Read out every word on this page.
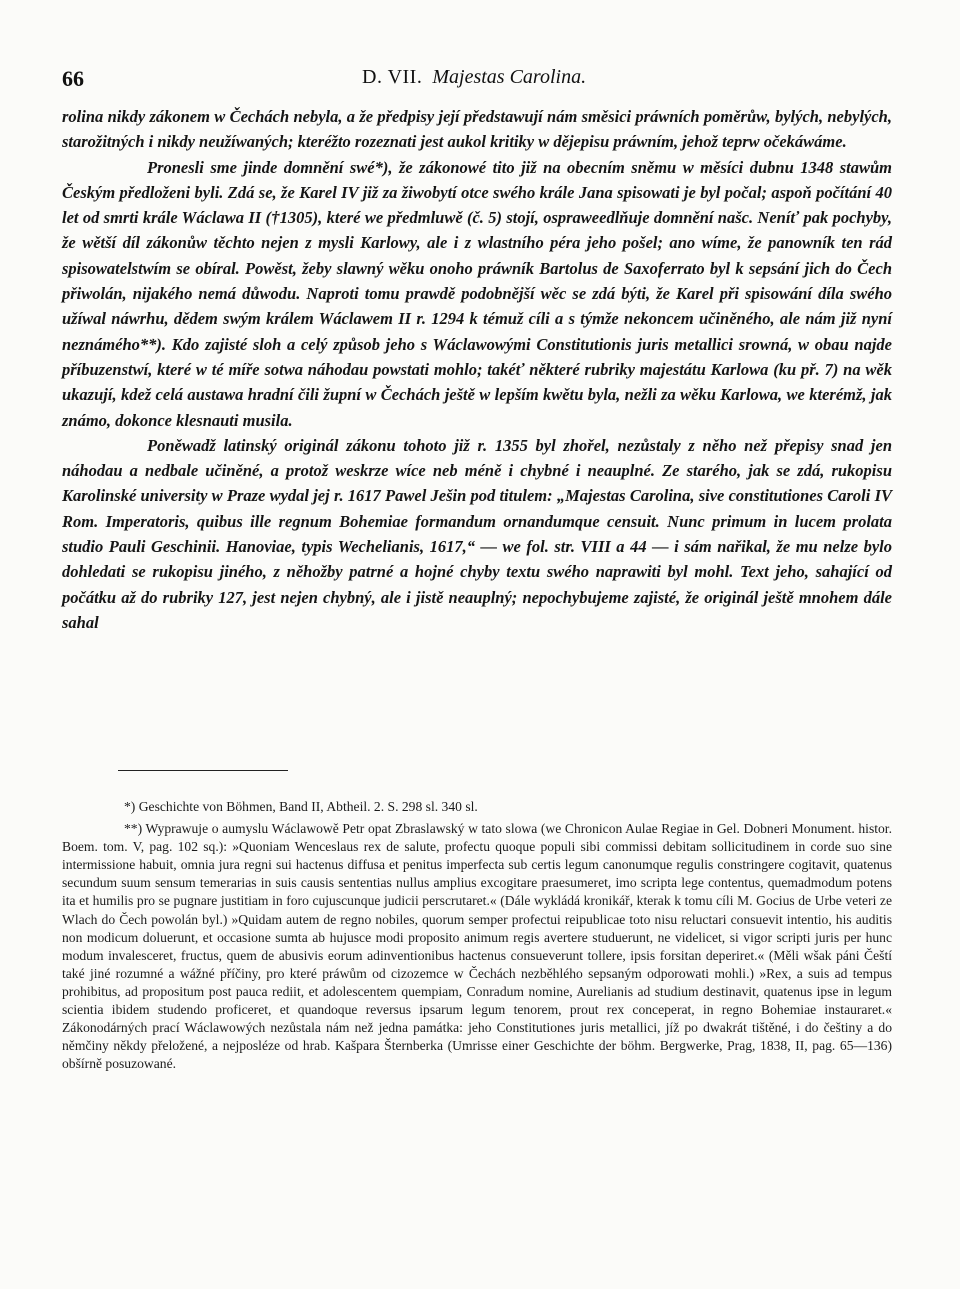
66	D. VII. Majestas Carolina.

rolina nikdy zákonem w Čechách nebyla, a že předpisy její předstawují nám směsici práwních poměrůw, bylých, nebylých, starožitných i nikdy neužíwaných; kteréžto rozeznati jest aukol kritiky w dějepisu práwním, jehož teprw očekáwáme.

Pronesli sme jinde domnění swé*), že zákonowé tito již na obecním sněmu w měsíci dubnu 1348 stawům Českým předloženi byli. Zdá se, že Karel IV již za žiwobytí otce swého krále Jana spisowati je byl počal; aspoň počítání 40 let od smrti krále Wáclawa II (†1305), které we předmluwě (č. 5) stojí, ospraweedlňuje domnění našc. Neníť pak pochyby, že wětší díl zákonůw těchto nejen z mysli Karlowy, ale i z wlastního péra jeho pošel; ano wíme, že panowník ten rád spisowatelstwím se obíral. Powěst, žeby slawný wěku onoho práwník Bartolus de Saxoferrato byl k sepsání jich do Čech přiwolán, nijakého nemá důwodu. Naproti tomu prawdě podobnější wěc se zdá býti, že Karel při spisowání díla swého užíwal náwrhu, dědem swým králem Wáclawem II r. 1294 k témuž cíli a s týmže nekoncem učiněného, ale nám již nyní neznámého**). Kdo zajisté sloh a celý způsob jeho s Wáclawowými Constitutionis juris metallici srowná, w obau najde příbuzenstwí, které w té míře sotwa náhodau powstati mohlo; takéť některé rubriky majestátu Karlowa (ku př. 7) na wěk ukazují, kdež celá austawa hradní čili župní w Čechách ještě w lepším kwětu byla, nežli za wěku Karlowa, we kterémž, jak známo, dokonce klesnauti musila.

Poněwadž latinský originál zákonu tohoto již r. 1355 byl zhořel, nezůstaly z něho než přepisy snad jen náhodau a nedbale učiněné, a protož weskrze wíce neb méně i chybné i neauplné. Ze starého, jak se zdá, rukopisu Karolinské university w Praze wydal jej r. 1617 Pawel Ješin pod titulem: „Majestas Carolina, sive constitutiones Caroli IV Rom. Imperatoris, quibus ille regnum Bohemiae formandum ornandumque censuit. Nunc primum in lucem prolata studio Pauli Geschinii. Hanoviae, typis Wechelianis, 1617,“ — we fol. str. VIII a 44 — i sám nařikal, že mu nelze bylo dohledati se rukopisu jiného, z něhožby patrné a hojné chyby textu swého naprawiti byl mohl. Text jeho, sahající od počátku až do rubriky 127, jest nejen chybný, ale i jistě neauplný; nepochybujeme zajisté, že originál ještě mnohem dále sahal

*) Geschichte von Böhmen, Band II, Abtheil. 2. S. 298 sl. 340 sl.

**) Wyprawuje o aumyslu Wáclawowě Petr opat Zbraslawský w tato slowa (we Chronicon Aulae Regiae in Gel. Dobneri Monument. histor. Boem. tom. V, pag. 102 sq.): »Quoniam Wenceslaus rex de salute, profectu quoque populi sibi commissi debitam sollicitudinem in corde suo sine intermissione habuit, omnia jura regni sui hactenus diffusa et penitus imperfecta sub certis legum canonumque regulis constringere cogitavit, quatenus secundum suum sensum temerarias in suis causis sententias nullus amplius excogitare praesumeret, imo scripta lege contentus, quemadmodum potens ita et humilis pro se pugnare justitiam in foro cujuscunque judicii perscrutaret.« (Dále wykládá kronikář, kterak k tomu cíli M. Gocius de Urbe veteri ze Wlach do Čech powolán byl.) »Quidam autem de regno nobiles, quorum semper profectui reipublicae toto nisu reluctari consuevit intentio, his auditis non modicum doluerunt, et occasione sumta ab hujusce modi proposito animum regis avertere studuerunt, ne videlicet, si vigor scripti juris per hunc modum invalesceret, fructus, quem de abusivis eorum adinventionibus hactenus consueverunt tollere, ipsis forsitan deperiret.« (Měli wšak páni Čeští také jiné rozumné a wážné příčiny, pro které práwům od cizozemce w Čechách nezběhlého sepsaným odporowati mohli.) »Rex, a suis ad tempus prohibitus, ad propositum post pauca rediit, et adolescentem quempiam, Conradum nomine, Aurelianis ad studium destinavit, quatenus ipse in legum scientia ibidem studendo proficeret, et quandoque reversus ipsarum legum tenorem, prout rex conceperat, in regno Bohemiae instauraret.« Zákonodárných prací Wáclawowých nezůstala nám než jedna památka: jeho Constitutiones juris metallici, jíž po dwakrát tištěné, i do češtiny a do němčiny někdy přeložené, a nejposléze od hrab. Kašpara Šternberka (Umrisse einer Geschichte der böhm. Bergwerke, Prag, 1838, II, pag. 65—136) obšírně posuzowané.
